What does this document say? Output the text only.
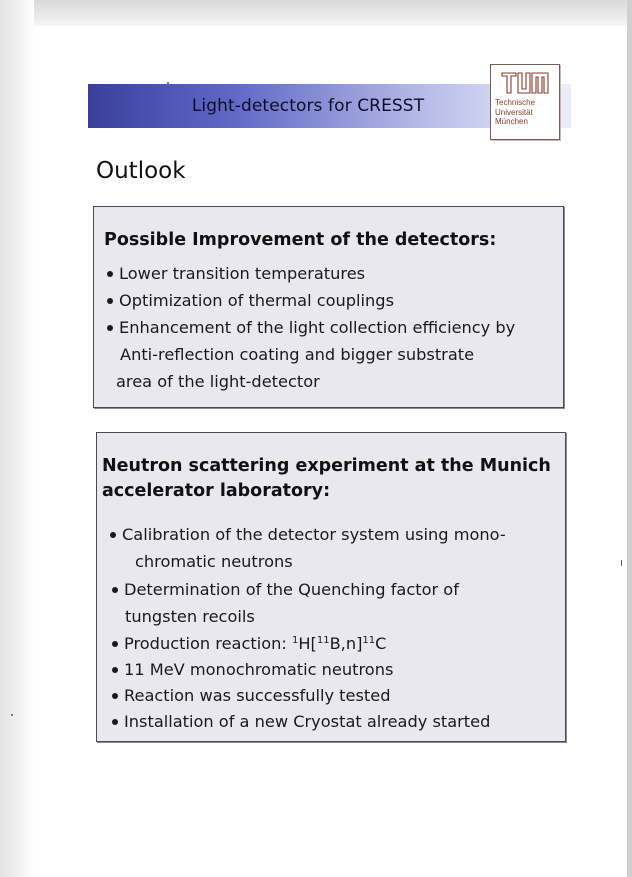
Light-detectors for CRESST	Technische
Universität
München
Outlook
Possible Improvement of the detectors:
Lower transition temperatures
Optimization of thermal couplings
Enhancement of the light collection efficiency by
Anti-reflection coating and bigger substrate
area of the light-detector
Neutron scattering experiment at the Munich
accelerator laboratory:
Calibration of the detector system using mono-
chromatic neutrons
Determination of the Quenching factor of
tungsten recoils
Production reaction: $^1H[^{11}B,n]^{11}C$
11 MeV monochromatic neutrons
Reaction was successfully tested
Installation of a new Cryostat already started
